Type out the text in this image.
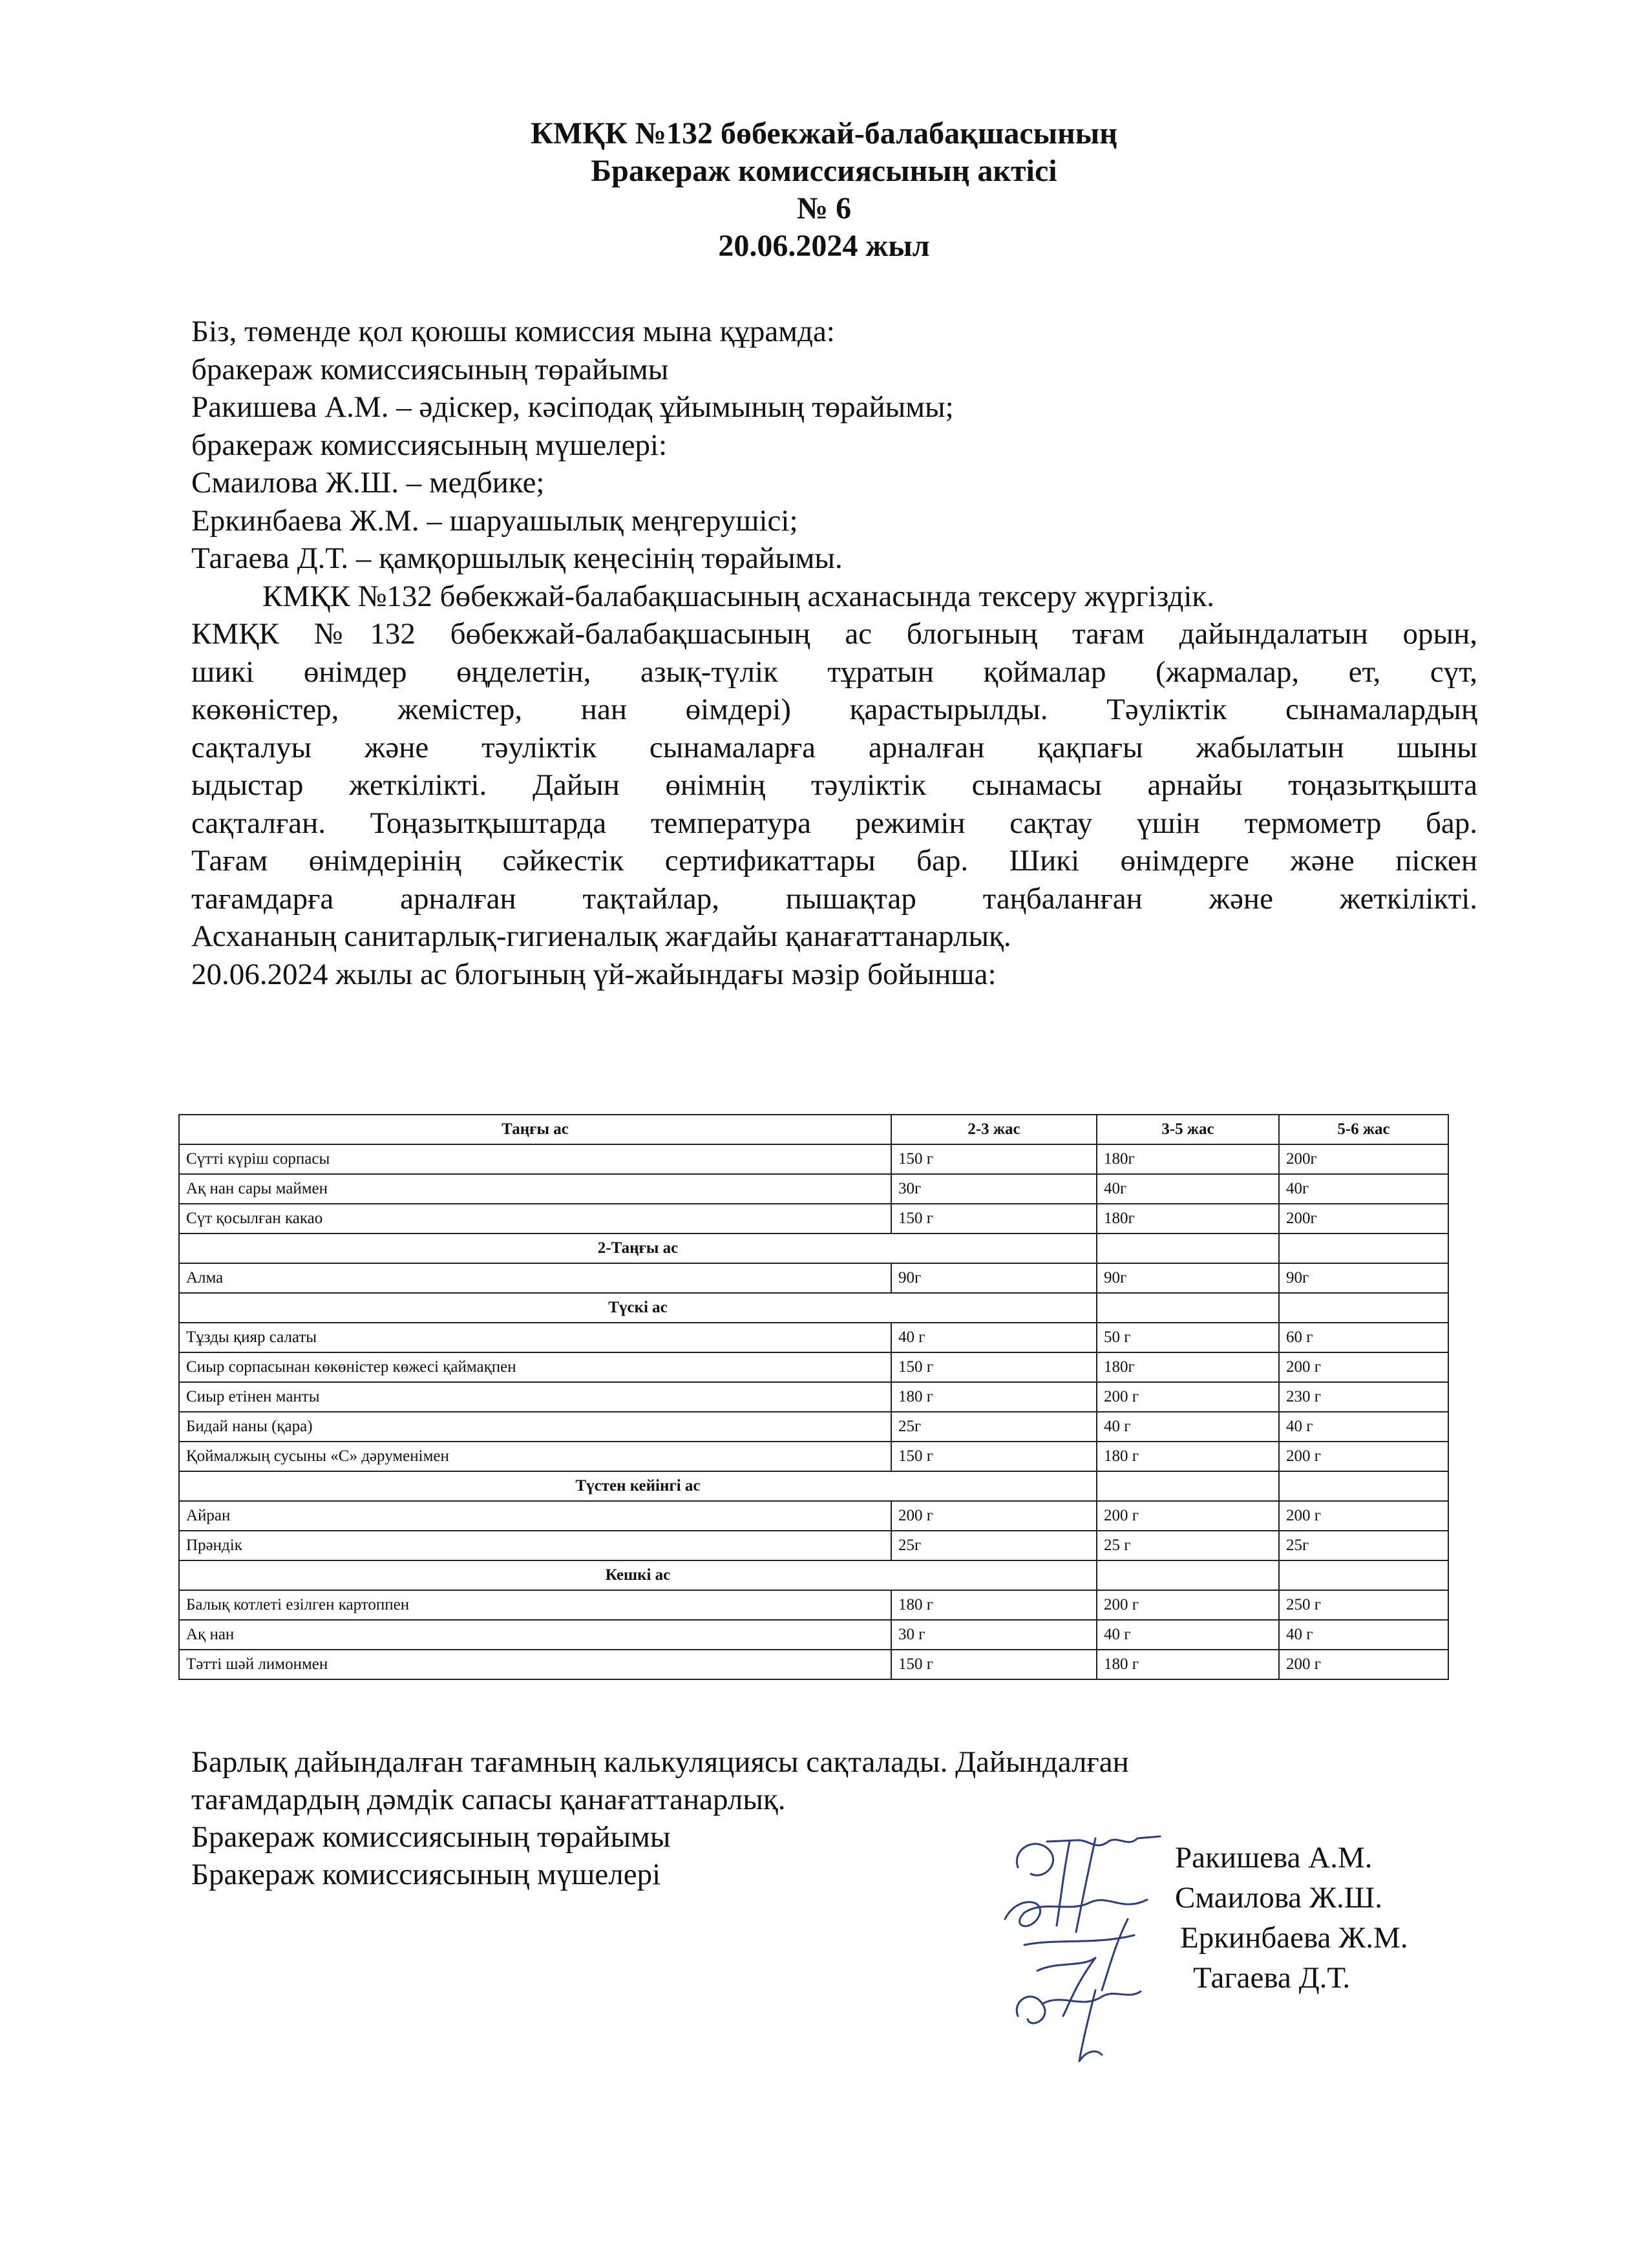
КМҚК №132 бөбекжай-балабақшасының
Бракераж комиссиясының актісі
№ 6
20.06.2024 жыл
Біз, төменде қол қоюшы комиссия мына құрамда:
бракераж комиссиясының төрайымы
Ракишева А.М. – әдіскер, кәсіподақ ұйымының төрайымы;
бракераж комиссиясының мүшелері:
Смаилова Ж.Ш. – медбике;
Еркинбаева Ж.М. – шаруашылық меңгерушісі;
Тагаева Д.Т. – қамқоршылық кеңесінің төрайымы.
КМҚК №132 бөбекжай-балабақшасының асханасында тексеру жүргіздік.
КМҚК №132 бөбекжай-балабақшасының ас блогының тағам дайындалатын орын,
шикі өнімдер өңделетін, азық-түлік тұратын қоймалар (жармалар, ет, сүт,
көкөністер, жемістер, нан өімдері) қарастырылды. Тәуліктік сынамалардың
сақталуы және тәуліктік сынамаларға арналған қақпағы жабылатын шыны
ыдыстар жеткілікті. Дайын өнімнің тәуліктік сынамасы арнайы тоңазытқышта
сақталған. Тоңазытқыштарда температура режимін сақтау үшін термометр бар.
Тағам өнімдерінің сәйкестік сертификаттары бар. Шикі өнімдерге және піскен
тағамдарға арналған тақтайлар, пышақтар таңбаланған және жеткілікті.
Асхананың санитарлық-гигиеналық жағдайы қанағаттанарлық.
20.06.2024 жылы ас блогының үй-жайындағы мәзір бойынша:
Таңғы ас	2-3 жас	3-5 жас	5-6 жас
Сүтті күріш сорпасы	150 г	180г	200г
Ақ нан сары маймен	30г	40г	40г
Сүт қосылған какао	150 г	180г	200г
2-Таңғы ас			
Алма	90г	90г	90г
Түскі ас			
Тұзды қияр салаты	40 г	50 г	60 г
Сиыр сорпасынан көкөністер көжесі қаймақпен	150 г	180г	200 г
Сиыр етінен манты	180 г	200 г	230 г
Бидай наны (қара)	25г	40 г	40 г
Қоймалжың сусыны «С» дәруменімен	150 г	180 г	200 г
Түстен кейінгі ас			
Айран	200 г	200 г	200 г
Прәндік	25г	25 г	25г
Кешкі ас			
Балық котлеті езілген картоппен	180 г	200 г	250 г
Ақ нан	30 г	40 г	40 г
Тәтті шәй лимонмен	150 г	180 г	200 г
Барлық дайындалған тағамның калькуляциясы сақталады. Дайындалған
тағамдардың дәмдік сапасы қанағаттанарлық.
Бракераж комиссиясының төрайымы
Бракераж комиссиясының мүшелері	Ракишева А.М.
Смаилова Ж.Ш.
Еркинбаева Ж.М.
Тагаева Д.Т.
